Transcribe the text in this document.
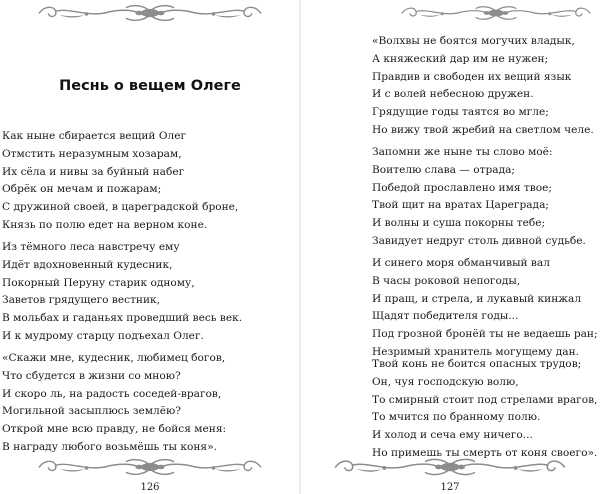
Песнь о вещем Олеге
Как ныне сбирается вещий Олег
Отмстить неразумным хозарам,
Их сёла и нивы за буйный набег
Обрёк он мечам и пожарам;
С дружиной своей, в цареградской броне,
Князь по полю едет на верном коне.
Из тёмного леса навстречу ему
Идёт вдохновенный кудесник,
Покорный Перуну старик одному,
Заветов грядущего вестник,
В мольбах и гаданьях проведший весь век.
И к мудрому старцу подъехал Олег.
«Скажи мне, кудесник, любимец богов,
Что сбудется в жизни со мною?
И скоро ль, на радость соседей-врагов,
Могильной засыплюсь землёю?
Открой мне всю правду, не бойся меня:
В награду любого возьмёшь ты коня».
126
«Волхвы не боятся могучих владык,
А княжеский дар им не нужен;
Правдив и свободен их вещий язык
И с волей небесною дружен.
Грядущие годы таятся во мгле;
Но вижу твой жребий на светлом челе.
Запомни же ныне ты слово моё:
Воителю слава — отрада;
Победой прославлено имя твое;
Твой щит на вратах Цареграда;
И волны и суша покорны тебе;
Завидует недруг столь дивной судьбе.
И синего моря обманчивый вал
В часы роковой непогоды,
И пращ, и стрела, и лукавый кинжал
Щадят победителя годы...
Под грозной бронёй ты не ведаешь ран;
Незримый хранитель могущему дан.
Твой конь не боится опасных трудов;
Он, чуя господскую волю,
То смирный стоит под стрелами врагов,
То мчится по бранному полю.
И холод и сеча ему ничего...
Но примешь ты смерть от коня своего».
127
